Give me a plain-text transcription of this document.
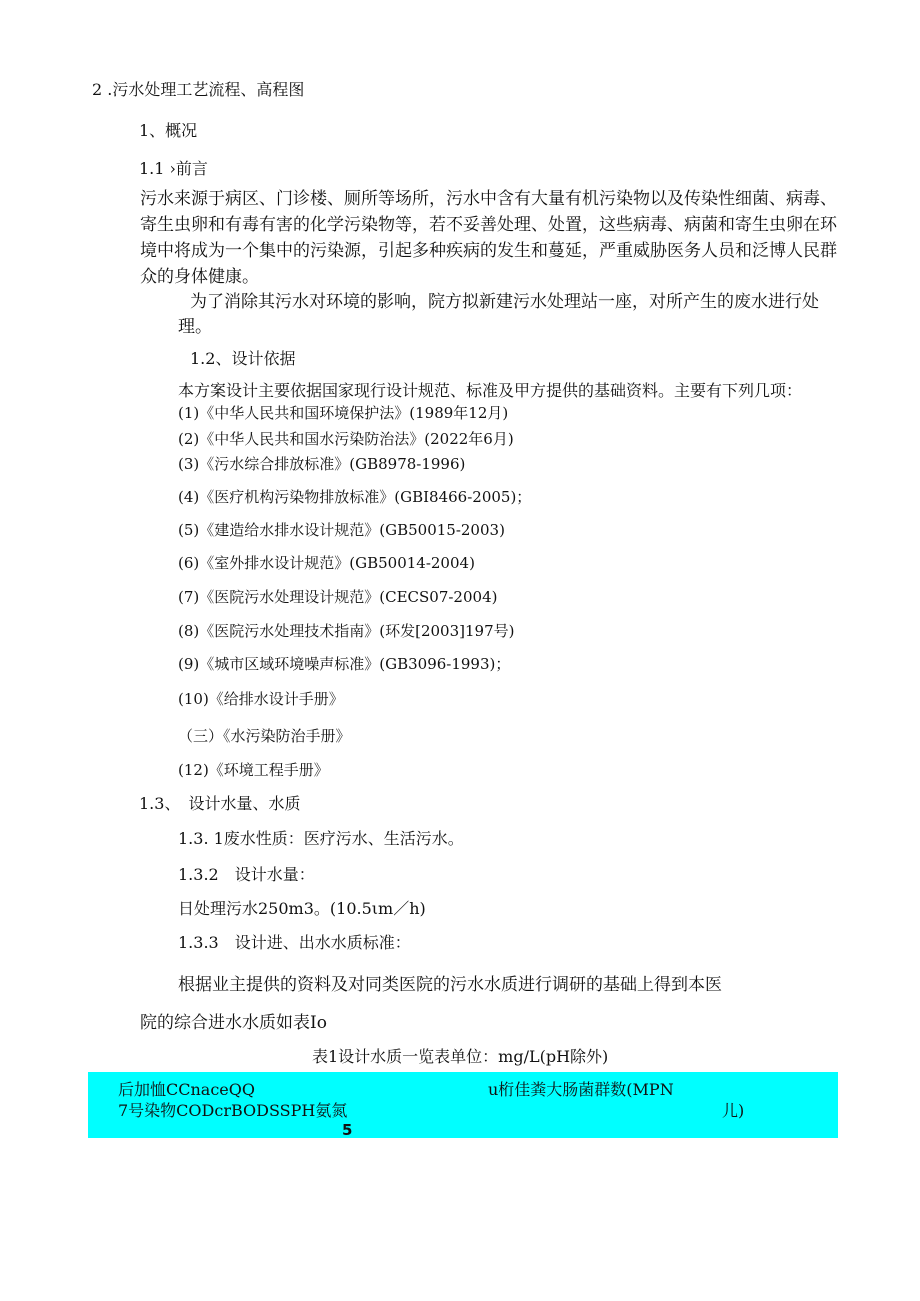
2 .污水处理工艺流程、高程图
1、概况
1.1 ›前言
污水来源于病区、门诊楼、厕所等场所，污水中含有大量有机污染物以及传染性细菌、病毒、寄生虫卵和有毒有害的化学污染物等，若不妥善处理、处置，这些病毒、病菌和寄生虫卵在环境中将成为一个集中的污染源，引起多种疾病的发生和蔓延，严重威胁医务人员和泛博人民群众的身体健康。
为了消除其污水对环境的影响，院方拟新建污水处理站一座，对所产生的废水进行处
理。
1.2、设计依据
本方案设计主要依据国家现行设计规范、标准及甲方提供的基础资料。主要有下列几项：
(1)《中华人民共和国环境保护法》(1989年12月)
(2)《中华人民共和国水污染防治法》(2022年6月)
(3)《污水综合排放标准》(GB8978-1996)
(4)《医疗机构污染物排放标准》(GBI8466-2005)；
(5)《建造给水排水设计规范》(GB50015-2003)
(6)《室外排水设计规范》(GB50014-2004)
(7)《医院污水处理设计规范》(CECS07-2004)
(8)《医院污水处理技术指南》(环发[2003]197号)
(9)《城市区域环境噪声标准》(GB3096-1993)；
(10)《给排水设计手册》
（三）《水污染防治手册》
(12)《环境工程手册》
1.3、　设计水量、水质
1.3. 1废水性质：医疗污水、生活污水。
1.3.2　设计水量：
日处理污水250m3。(10.5ιm／h)
1.3.3　设计进、出水水质标准：
根据业主提供的资料及对同类医院的污水水质进行调研的基础上得到本医
院的综合进水水质如表Io
表1设计水质一览表单位：mg/L(pH除外)
后加恤CCnaceQQ	u桁佳粪大肠菌群数(MPN
7号染物CODcrBODSSPH氨氮	儿)
5
